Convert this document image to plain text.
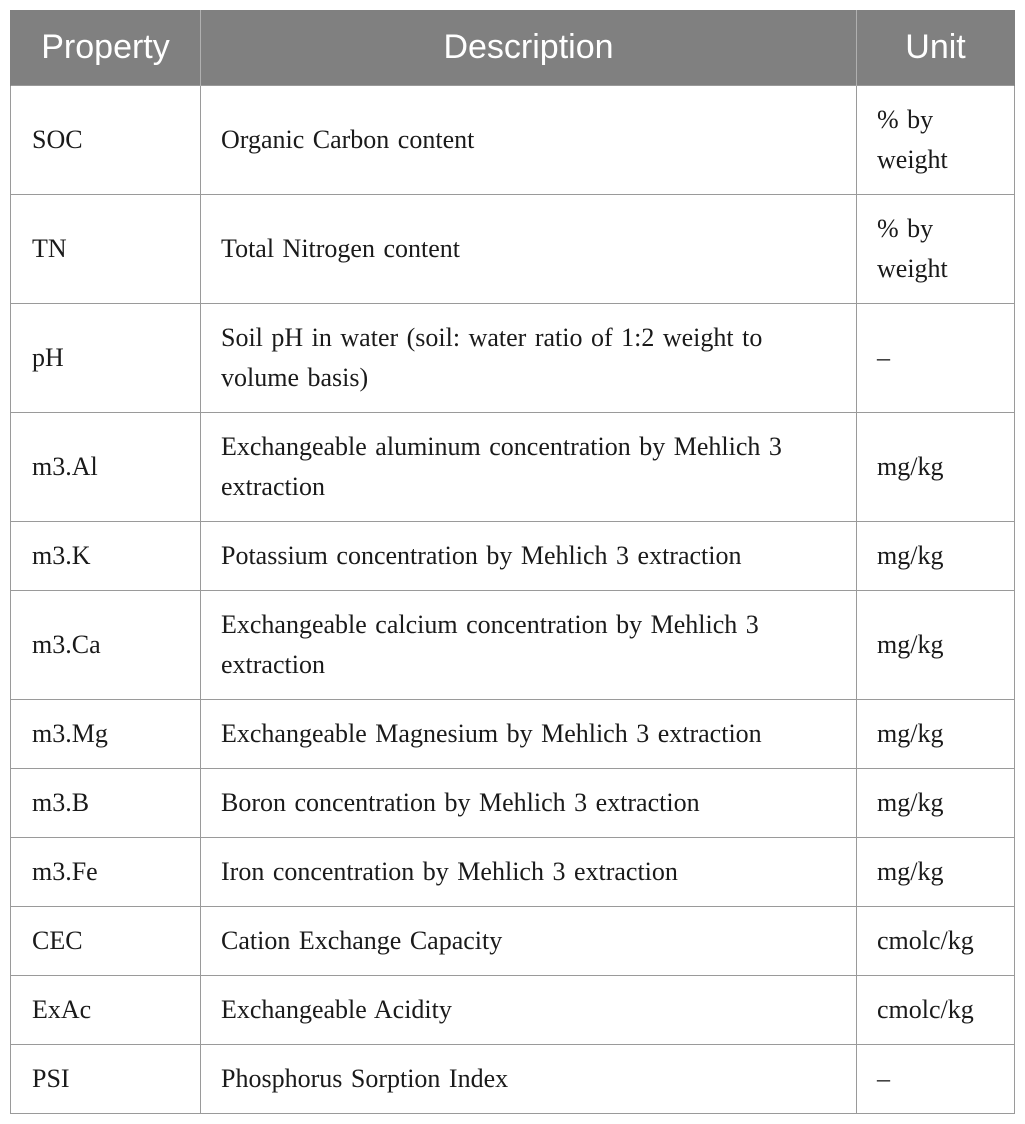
Property	Description	Unit
SOC	Organic Carbon content	% by weight
TN	Total Nitrogen content	% by weight
pH	Soil pH in water (soil: water ratio of 1:2 weight to volume basis)	–
m3.Al	Exchangeable aluminum concentration by Mehlich 3 extraction	mg/kg
m3.K	Potassium concentration by Mehlich 3 extraction	mg/kg
m3.Ca	Exchangeable calcium concentration by Mehlich 3 extraction	mg/kg
m3.Mg	Exchangeable Magnesium by Mehlich 3 extraction	mg/kg
m3.B	Boron concentration by Mehlich 3 extraction	mg/kg
m3.Fe	Iron concentration by Mehlich 3 extraction	mg/kg
CEC	Cation Exchange Capacity	cmolc/kg
ExAc	Exchangeable Acidity	cmolc/kg
PSI	Phosphorus Sorption Index	–
